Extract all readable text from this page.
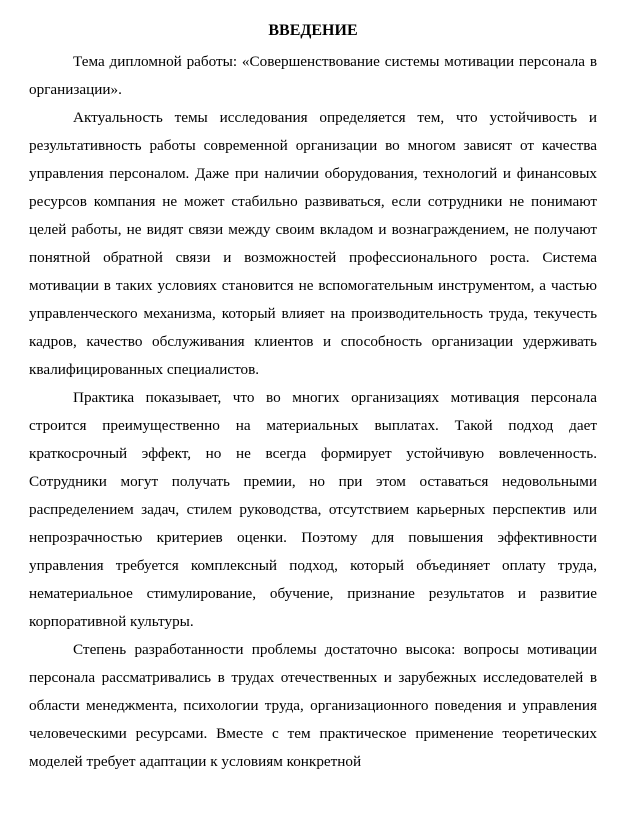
ВВЕДЕНИЕ

Тема дипломной работы: «Совершенствование системы мотивации персонала в организации».

Актуальность темы исследования определяется тем, что устойчивость и результативность работы современной организации во многом зависят от качества управления персоналом. Даже при наличии оборудования, технологий и финансовых ресурсов компания не может стабильно развиваться, если сотрудники не понимают целей работы, не видят связи между своим вкладом и вознаграждением, не получают понятной обратной связи и возможностей профессионального роста. Система мотивации в таких условиях становится не вспомогательным инструментом, а частью управленческого механизма, который влияет на производительность труда, текучесть кадров, качество обслуживания клиентов и способность организации удерживать квалифицированных специалистов.

Практика показывает, что во многих организациях мотивация персонала строится преимущественно на материальных выплатах. Такой подход дает краткосрочный эффект, но не всегда формирует устойчивую вовлеченность. Сотрудники могут получать премии, но при этом оставаться недовольными распределением задач, стилем руководства, отсутствием карьерных перспектив или непрозрачностью критериев оценки. Поэтому для повышения эффективности управления требуется комплексный подход, который объединяет оплату труда, нематериальное стимулирование, обучение, признание результатов и развитие корпоративной культуры.

Степень разработанности проблемы достаточно высока: вопросы мотивации персонала рассматривались в трудах отечественных и зарубежных исследователей в области менеджмента, психологии труда, организационного поведения и управления человеческими ресурсами. Вместе с тем практическое применение теоретических моделей требует адаптации к условиям конкретной
